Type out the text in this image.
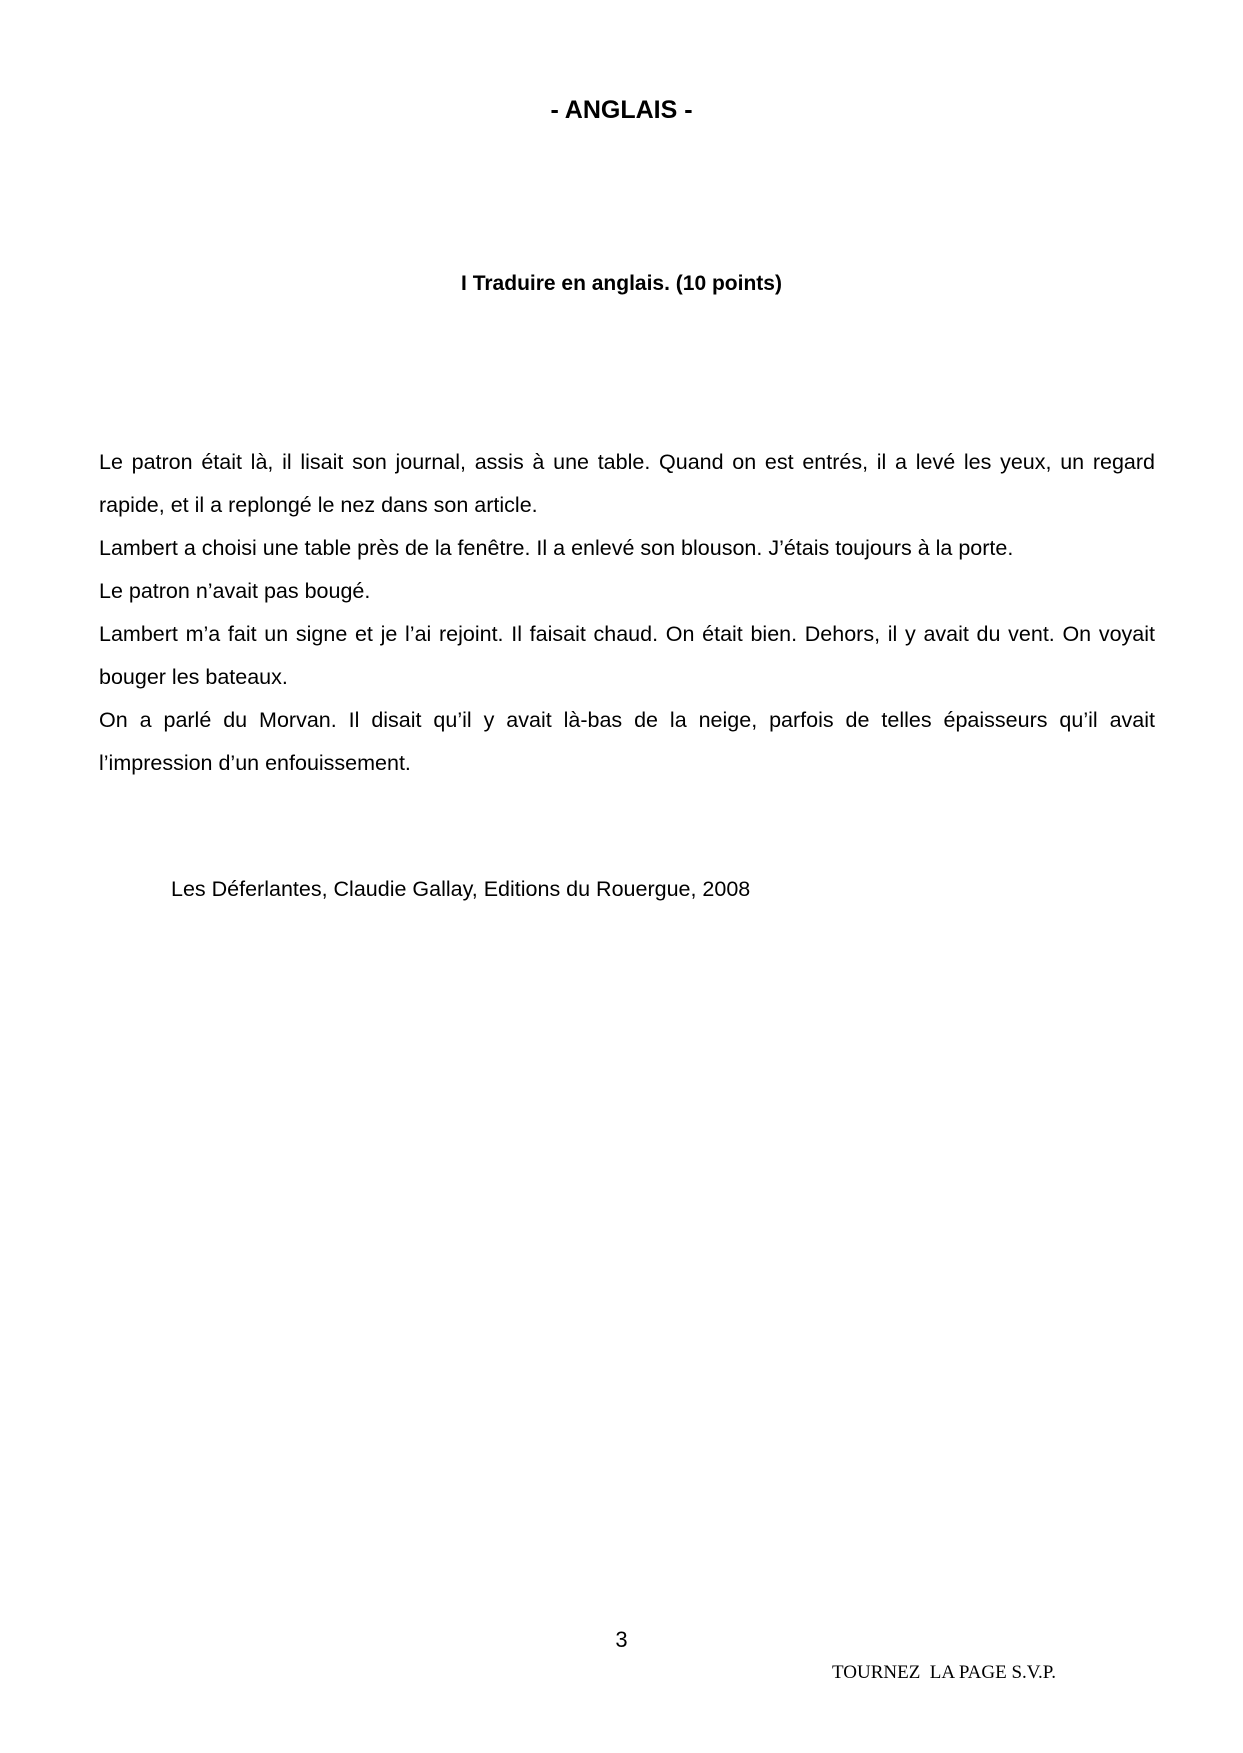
- ANGLAIS -
I Traduire en anglais. (10 points)

Le patron était là, il lisait son journal, assis à une table. Quand on est entrés, il a levé les yeux, un regard rapide, et il a replongé le nez dans son article.

Lambert a choisi une table près de la fenêtre. Il a enlevé son blouson. J’étais toujours à la porte.

Le patron n’avait pas bougé.

Lambert m’a fait un signe et je l’ai rejoint. Il faisait chaud. On était bien. Dehors, il y avait du vent. On voyait bouger les bateaux.

On a parlé du Morvan. Il disait qu’il y avait là-bas de la neige, parfois de telles épaisseurs qu’il avait l’impression d’un enfouissement.

Les Déferlantes, Claudie Gallay, Editions du Rouergue, 2008
3
TOURNEZ  LA PAGE S.V.P.
